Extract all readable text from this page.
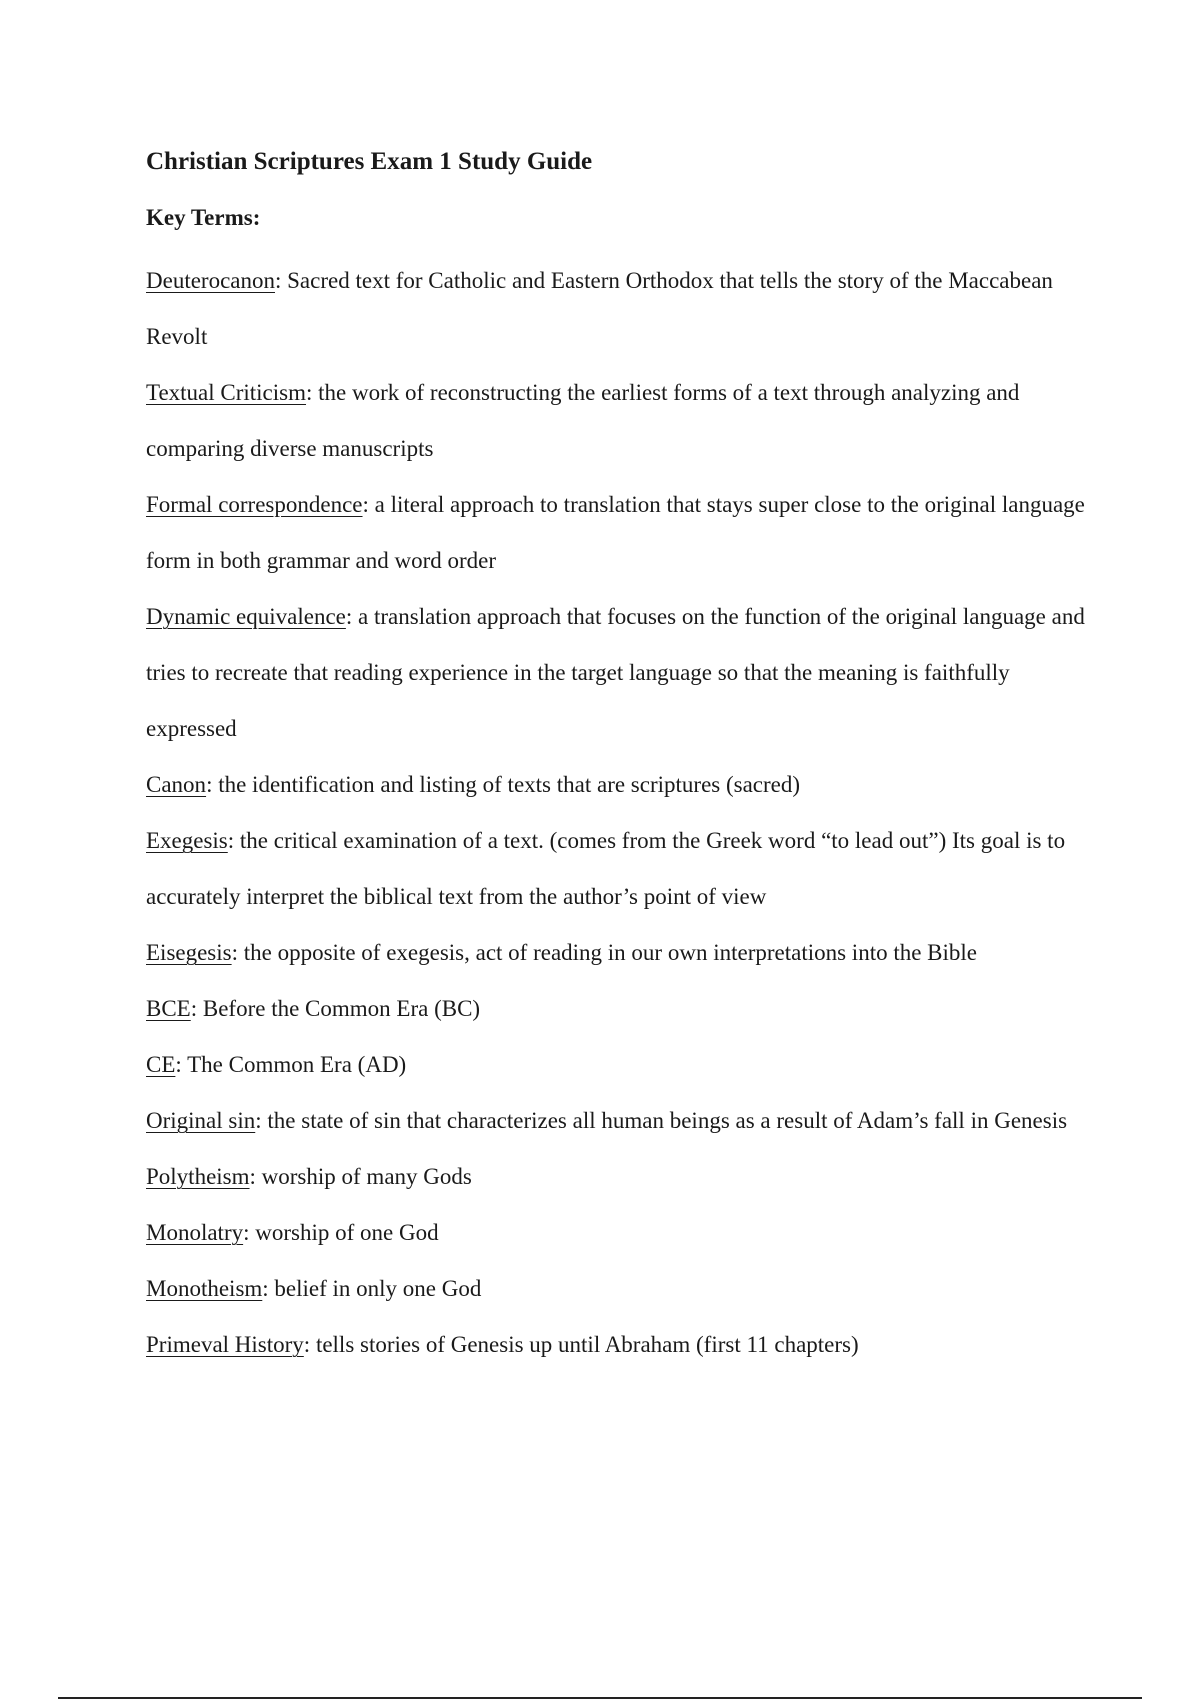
Christian Scriptures Exam 1 Study Guide
Key Terms:

Deuterocanon: Sacred text for Catholic and Eastern Orthodox that tells the story of the Maccabean Revolt

Textual Criticism: the work of reconstructing the earliest forms of a text through analyzing and comparing diverse manuscripts

Formal correspondence: a literal approach to translation that stays super close to the original language form in both grammar and word order

Dynamic equivalence: a translation approach that focuses on the function of the original language and tries to recreate that reading experience in the target language so that the meaning is faithfully expressed

Canon: the identification and listing of texts that are scriptures (sacred)

Exegesis: the critical examination of a text. (comes from the Greek word “to lead out”) Its goal is to accurately interpret the biblical text from the author’s point of view

Eisegesis: the opposite of exegesis, act of reading in our own interpretations into the Bible

BCE: Before the Common Era (BC)

CE: The Common Era (AD)

Original sin: the state of sin that characterizes all human beings as a result of Adam’s fall in Genesis

Polytheism: worship of many Gods

Monolatry: worship of one God

Monotheism: belief in only one God

Primeval History: tells stories of Genesis up until Abraham (first 11 chapters)
